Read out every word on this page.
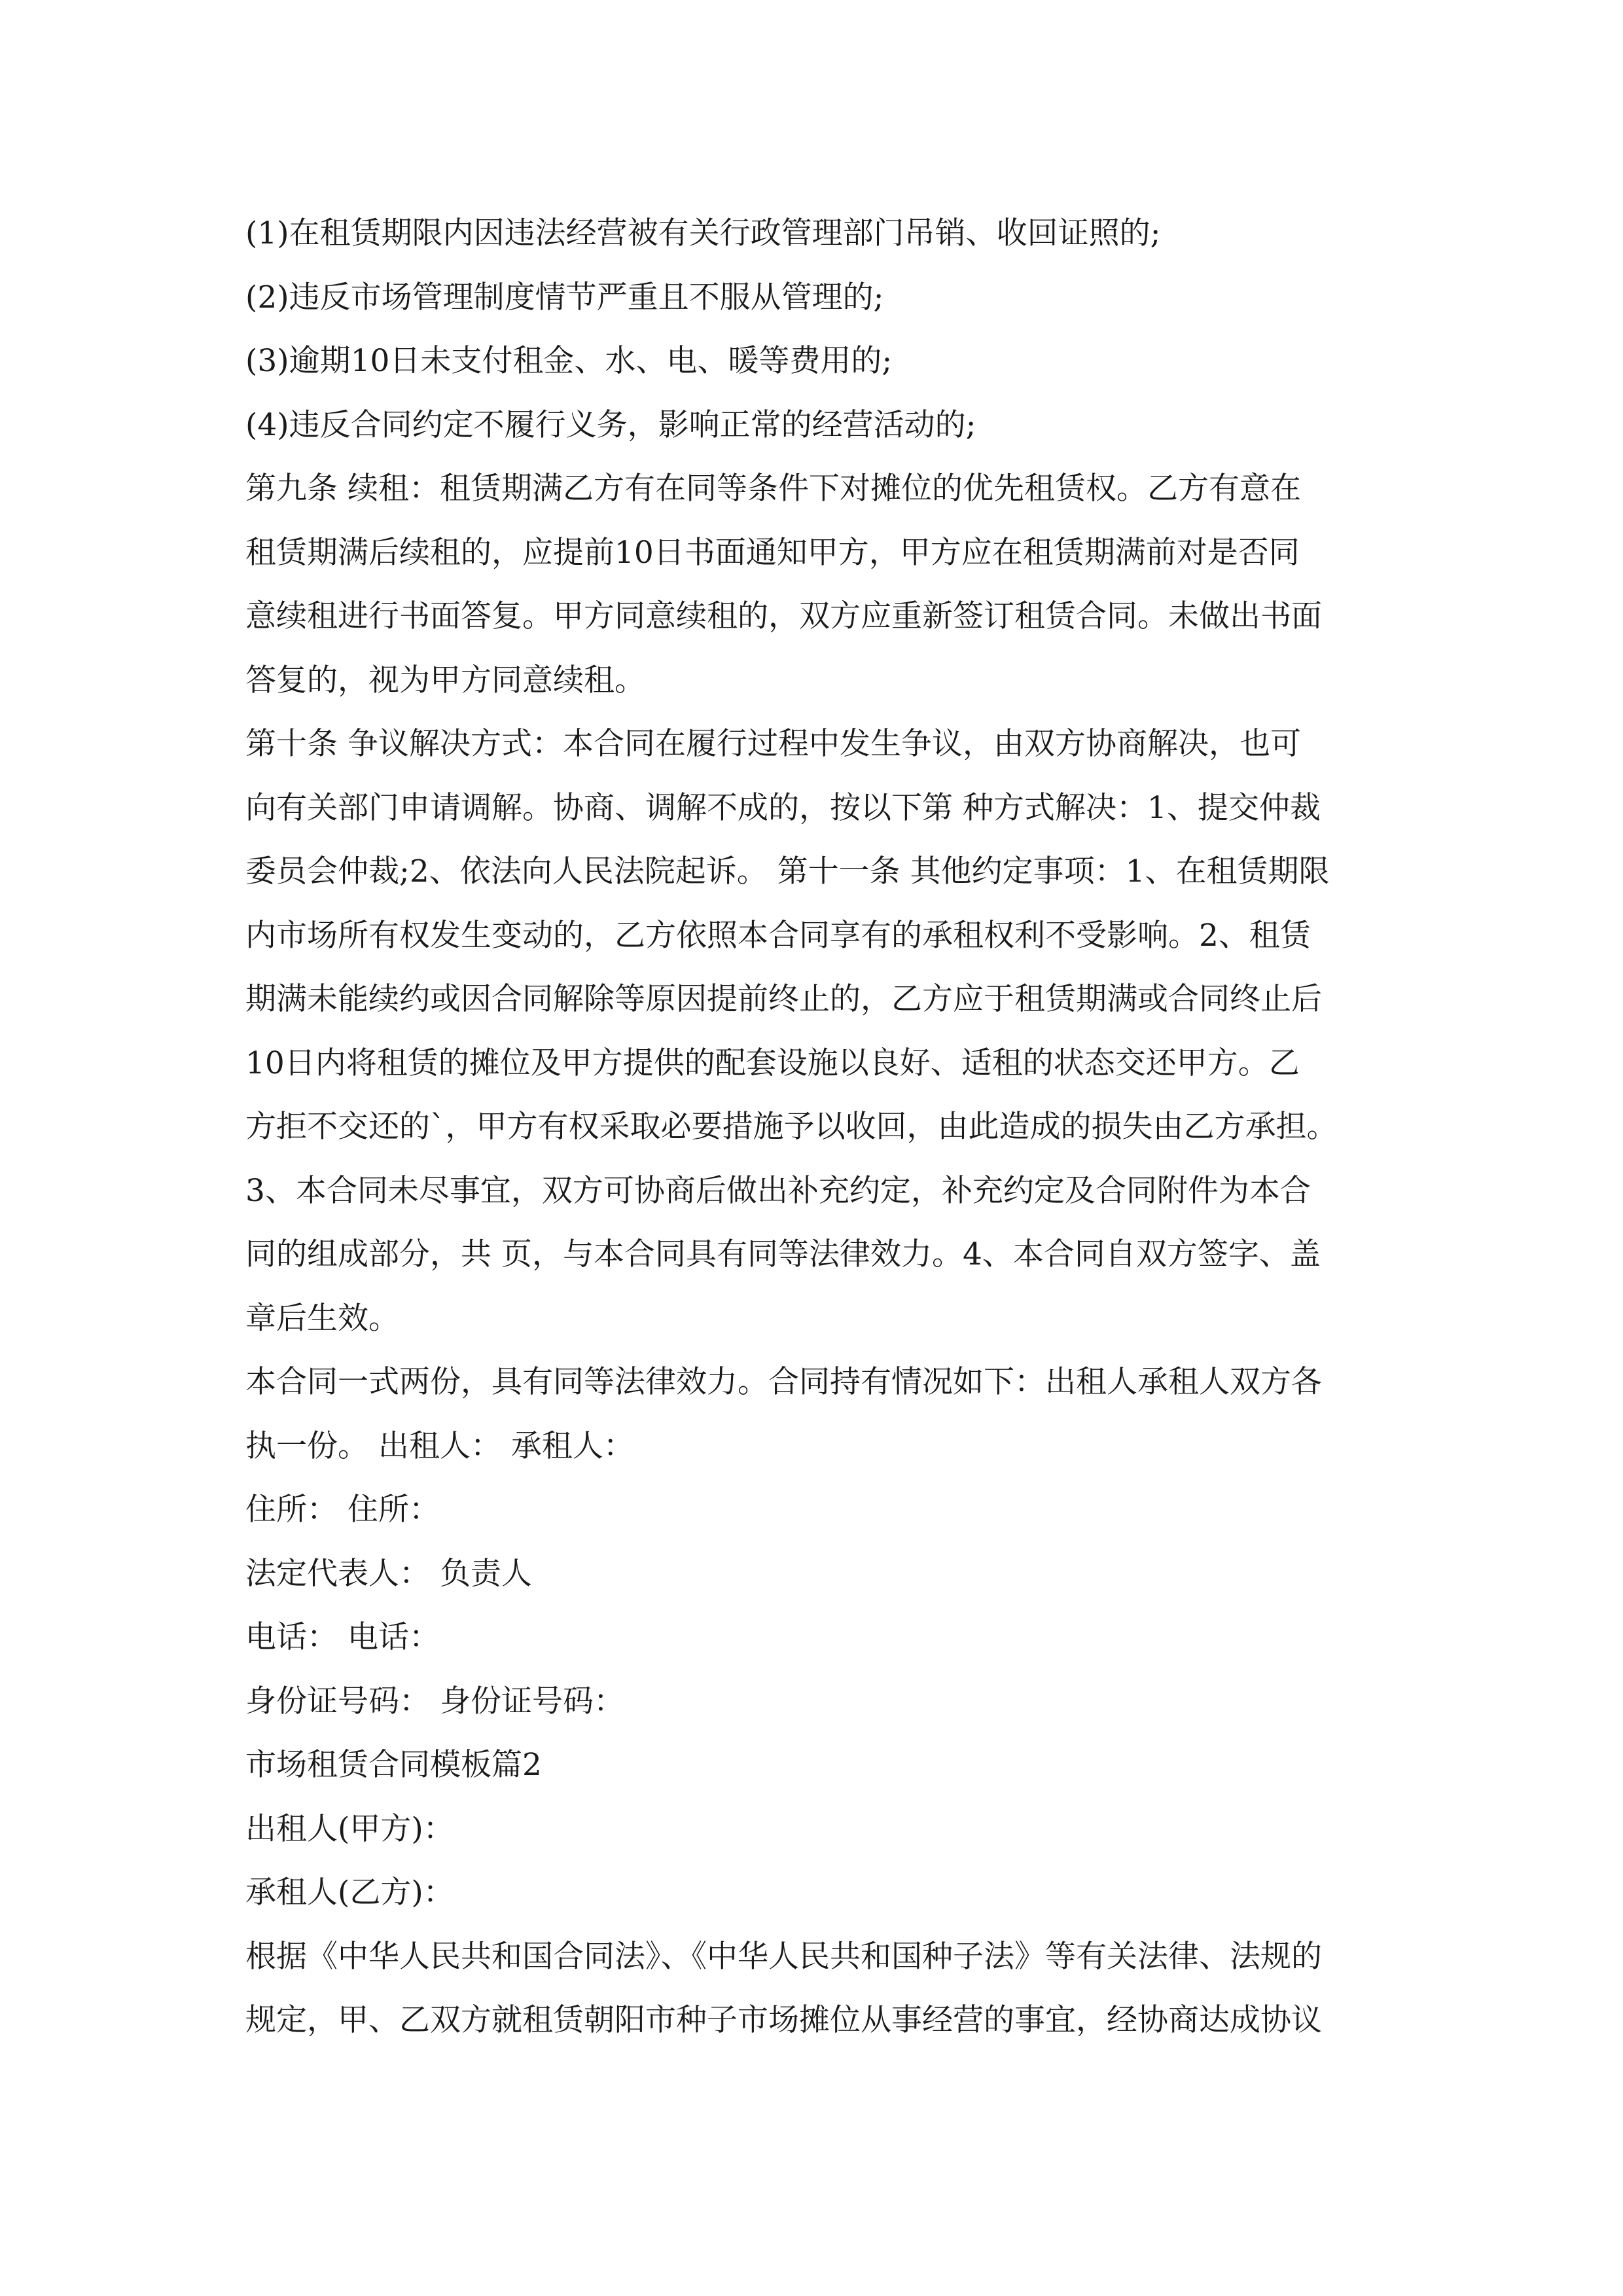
(1)在租赁期限内因违法经营被有关行政管理部门吊销、收回证照的;

(2)违反市场管理制度情节严重且不服从管理的;

(3)逾期10日未支付租金、水、电、暖等费用的;

(4)违反合同约定不履行义务，影响正常的经营活动的;

第九条 续租：租赁期满乙方有在同等条件下对摊位的优先租赁权。乙方有意在

租赁期满后续租的，应提前10日书面通知甲方，甲方应在租赁期满前对是否同

意续租进行书面答复。甲方同意续租的，双方应重新签订租赁合同。未做出书面

答复的，视为甲方同意续租。

第十条 争议解决方式：本合同在履行过程中发生争议，由双方协商解决，也可

向有关部门申请调解。协商、调解不成的，按以下第 种方式解决：1、提交仲裁

委员会仲裁;2、依法向人民法院起诉。 第十一条 其他约定事项：1、在租赁期限

内市场所有权发生变动的，乙方依照本合同享有的承租权利不受影响。2、租赁

期满未能续约或因合同解除等原因提前终止的，乙方应于租赁期满或合同终止后

10日内将租赁的摊位及甲方提供的配套设施以良好、适租的状态交还甲方。乙

方拒不交还的`，甲方有权采取必要措施予以收回，由此造成的损失由乙方承担。

3、本合同未尽事宜，双方可协商后做出补充约定，补充约定及合同附件为本合

同的组成部分，共 页，与本合同具有同等法律效力。4、本合同自双方签字、盖

章后生效。

本合同一式两份，具有同等法律效力。合同持有情况如下：出租人承租人双方各

执一份。 出租人： 承租人：

住所： 住所：

法定代表人： 负责人

电话： 电话：

身份证号码： 身份证号码：

市场租赁合同模板篇2

出租人(甲方)：

承租人(乙方)：

根据《中华人民共和国合同法》、《中华人民共和国种子法》等有关法律、法规的

规定，甲、乙双方就租赁朝阳市种子市场摊位从事经营的事宜，经协商达成协议
